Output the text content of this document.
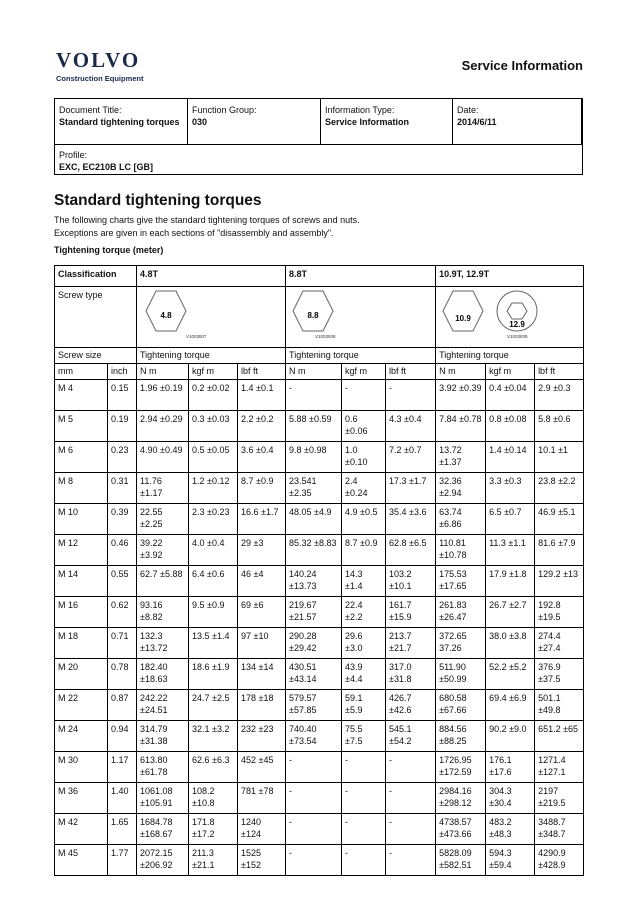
VOLVO
Construction Equipment
Service Information
Document Title:
Standard tightening torques
Function Group:
030
Information Type:
Service Information
Date:
2014/6/11
Profile:
EXC, EC210B LC [GB]
Standard tightening torques
The following charts give the standard tightening torques of screws and nuts.
Exceptions are given in each sections of "disassembly and assembly".
Tightening torque (meter)
Classification		4.8T			8.8T			10.9T, 12.9T		
Screw type		4.8
V1003937			8.8
V1003938			10.9
12.9
V1003939		

Screw size		Tightening torque			Tightening torque			Tightening torque		
mm	inch	N m	kgf m	lbf ft	N m	kgf m	lbf ft	N m	kgf m	lbf ft
M 4	0.15	1.96 ±0.19	0.2 ±0.02	1.4 ±0.1	-	-	-	3.92 ±0.39	0.4 ±0.04	2.9 ±0.3
M 5	0.19	2.94 ±0.29	0.3 ±0.03	2.2 ±0.2	5.88 ±0.59	0.6 ±0.06	4.3 ±0.4	7.84 ±0.78	0.8 ±0.08	5.8 ±0.6
M 6	0.23	4.90 ±0.49	0.5 ±0.05	3.6 ±0.4	9.8 ±0.98	1.0 ±0.10	7.2 ±0.7	13.72 ±1.37	1.4 ±0.14	10.1 ±1
M 8	0.31	11.76 ±1.17	1.2 ±0.12	8.7 ±0.9	23.541 ±2.35	2.4 ±0.24	17.3 ±1.7	32.36 ±2.94	3.3 ±0.3	23.8 ±2.2
M 10	0.39	22.55 ±2.25	2.3 ±0.23	16.6 ±1.7	48.05 ±4.9	4.9 ±0.5	35.4 ±3.6	63.74 ±6.86	6.5 ±0.7	46.9 ±5.1
M 12	0.46	39.22 ±3.92	4.0 ±0.4	29 ±3	85.32 ±8.83	8.7 ±0.9	62.8 ±6.5	110.81 ±10.78	11.3 ±1.1	81.6 ±7.9
M 14	0.55	62.7 ±5.88	6.4 ±0.6	46 ±4	140.24 ±13.73	14.3 ±1.4	103.2 ±10.1	175.53 ±17.65	17.9 ±1.8	129.2 ±13
M 16	0.62	93.16 ±8.82	9.5 ±0.9	69 ±6	219.67 ±21.57	22.4 ±2.2	161.7 ±15.9	261.83 ±26.47	26.7 ±2.7	192.8 ±19.5
M 18	0.71	132.3 ±13.72	13.5 ±1.4	97 ±10	290.28 ±29.42	29.6 ±3.0	213.7 ±21.7	372.65 37.26	38.0 ±3.8	274.4 ±27.4
M 20	0.78	182.40 ±18.63	18.6 ±1.9	134 ±14	430.51 ±43.14	43.9 ±4.4	317.0 ±31.8	511.90 ±50.99	52.2 ±5.2	376.9 ±37.5
M 22	0.87	242.22 ±24.51	24.7 ±2.5	178 ±18	579.57 ±57.85	59.1 ±5.9	426.7 ±42.6	680.58 ±67.66	69.4 ±6.9	501.1 ±49.8
M 24	0.94	314.79 ±31.38	32.1 ±3.2	232 ±23	740.40 ±73.54	75.5 ±7.5	545.1 ±54.2	884.56 ±88.25	90.2 ±9.0	651.2 ±65
M 30	1.17	613.80 ±61.78	62.6 ±6.3	452 ±45	-	-	-	1726.95 ±172.59	176.1 ±17.6	1271.4 ±127.1
M 36	1.40	1061.08 ±105.91	108.2 ±10.8	781 ±78	-	-	-	2984.16 ±298.12	304.3 ±30.4	2197 ±219.5
M 42	1.65	1684.78 ±168.67	171.8 ±17.2	1240 ±124	-	-	-	4738.57 ±473.66	483.2 ±48.3	3488.7 ±348.7
M 45	1.77	2072.15 ±206.92	211.3 ±21.1	1525 ±152	-	-	-	5828.09 ±582.51	594.3 ±59.4	4290.9 ±428.9
